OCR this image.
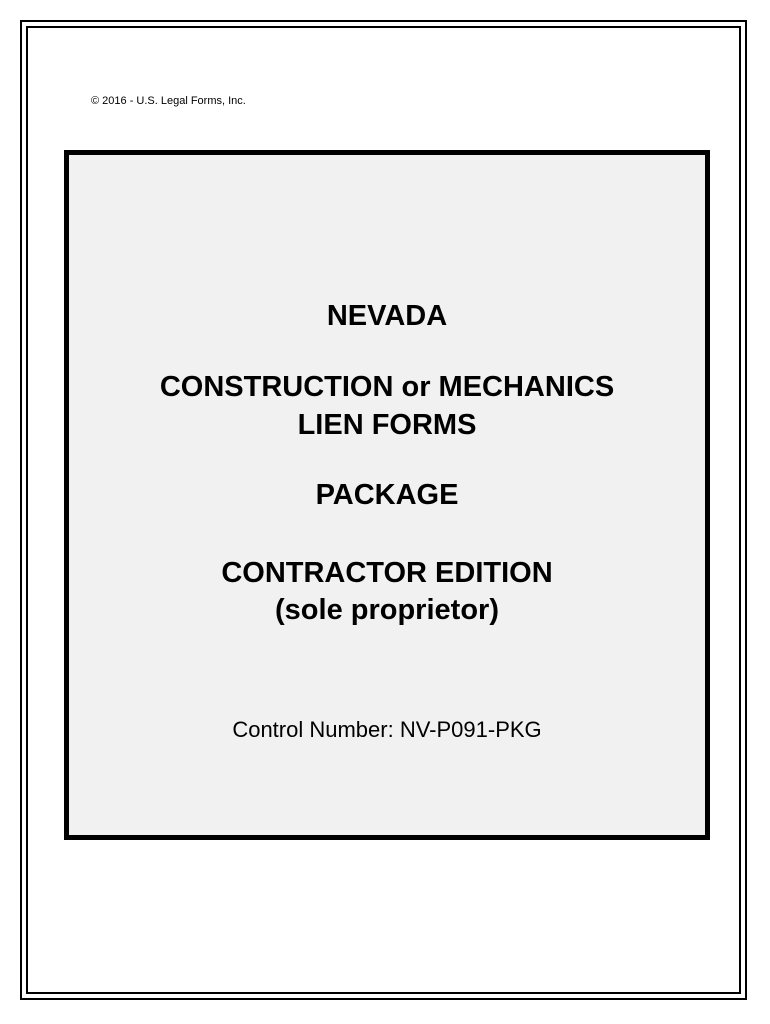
© 2016 - U.S. Legal Forms, Inc.
NEVADA
CONSTRUCTION or MECHANICS
LIEN FORMS
PACKAGE
CONTRACTOR EDITION
(sole proprietor)
Control Number: NV-P091-PKG
